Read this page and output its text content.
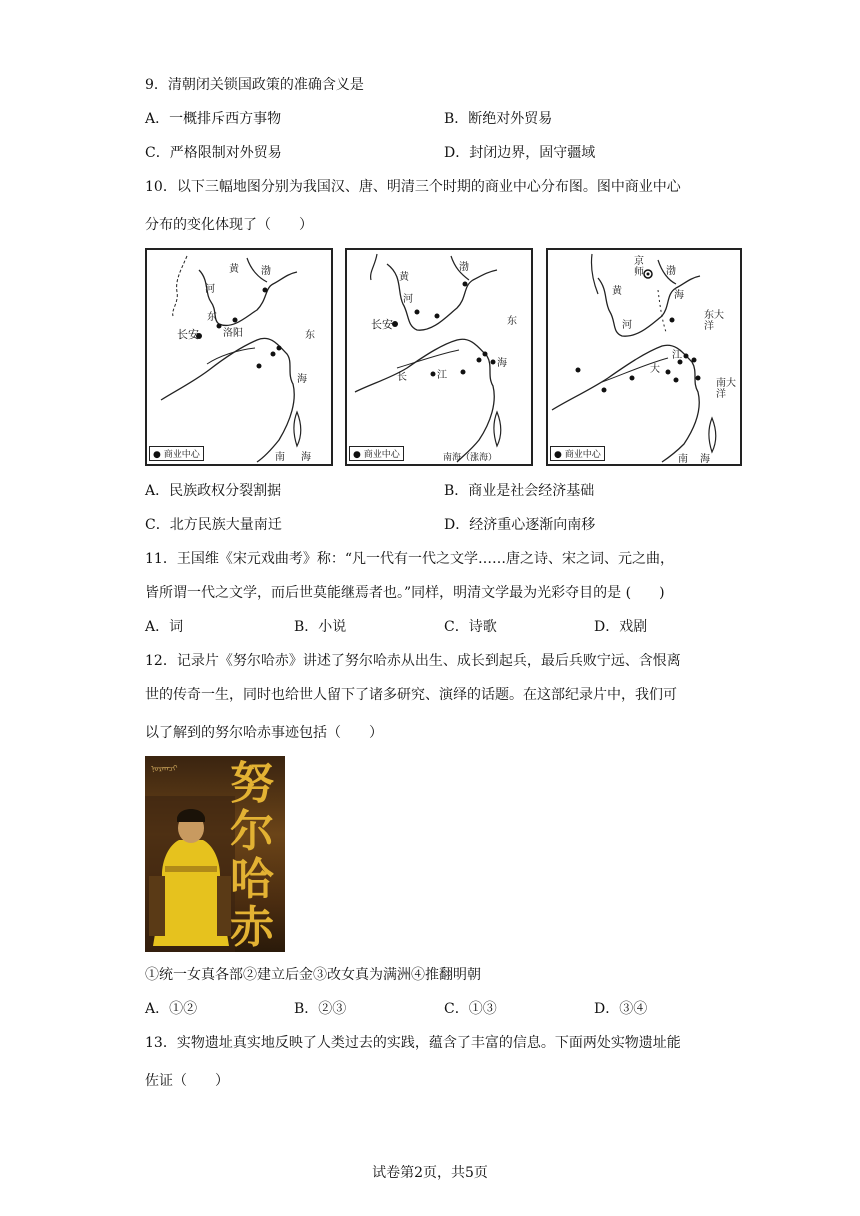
9．清朝闭关锁国政策的准确含义是
A．一概排斥西方事物	B．断绝对外贸易
C．严格限制对外贸易	D．封闭边界，固守疆域
10．以下三幅地图分别为我国汉、唐、明清三个时期的商业中心分布图。图中商业中心
分布的变化体现了（　　）
黄 渤
河
东
洛阳
长安	东
海
南 海
● 商业中心
黄
渤
河
长安	东
长	江
海
南海（涨海）
● 商业中心
京师
黄
渤
海
河
东大洋
大
江
南大洋
南 海
● 商业中心
A．民族政权分裂割据	B．商业是社会经济基础
C．北方民族大量南迁	D．经济重心逐渐向南移
11．王国维《宋元戏曲考》称：“凡一代有一代之文学……唐之诗、宋之词、元之曲，
皆所谓一代之文学，而后世莫能继焉者也。”同样，明清文学最为光彩夺目的是 (　　)
A．词	B．小说	C．诗歌	D．戏剧
12．记录片《努尔哈赤》讲述了努尔哈赤从出生、成长到起兵，最后兵败宁远、含恨离
世的传奇一生，同时也给世人留下了诸多研究、演绎的话题。在这部纪录片中，我们可
以了解到的努尔哈赤事迹包括（　　）
ᠨᠤᠷᠬᠠᠴᠢ	努尔哈赤
①统一女真各部②建立后金③改女真为满洲④推翻明朝
A．①②	B．②③	C．①③	D．③④
13．实物遗址真实地反映了人类过去的实践，蕴含了丰富的信息。下面两处实物遗址能
佐证（　　）
试卷第2页，共5页
